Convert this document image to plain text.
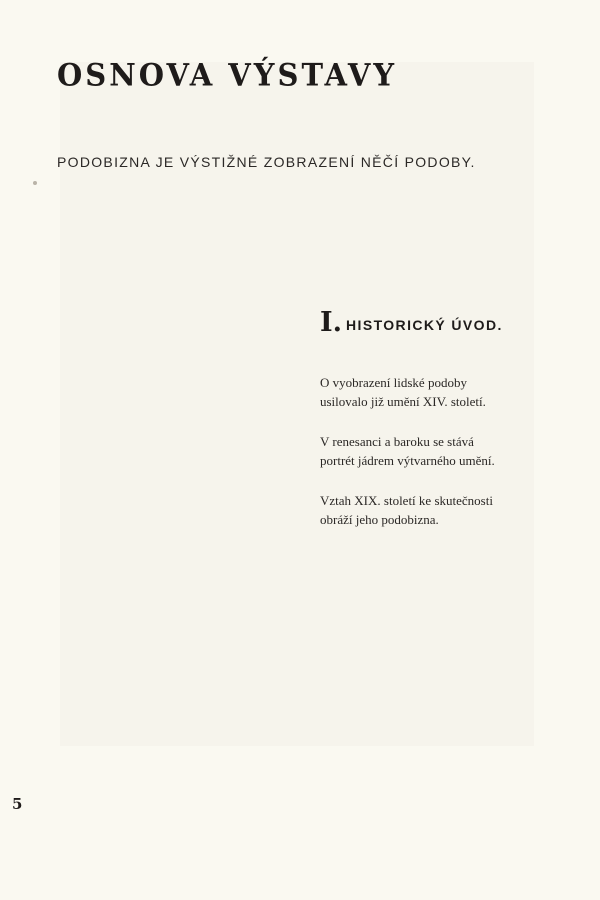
OSNOVA VÝSTAVY

PODOBIZNA JE VÝSTIŽNÉ ZOBRAZENÍ NĚČÍ PODOBY.

I. HISTORICKÝ ÚVOD.

O vyobrazení lidské podoby
usilovalo již umění XIV. století.

V renesanci a baroku se stává
portrét jádrem výtvarného umění.

Vztah XIX. století ke skutečnosti
obráží jeho podobizna.

5
